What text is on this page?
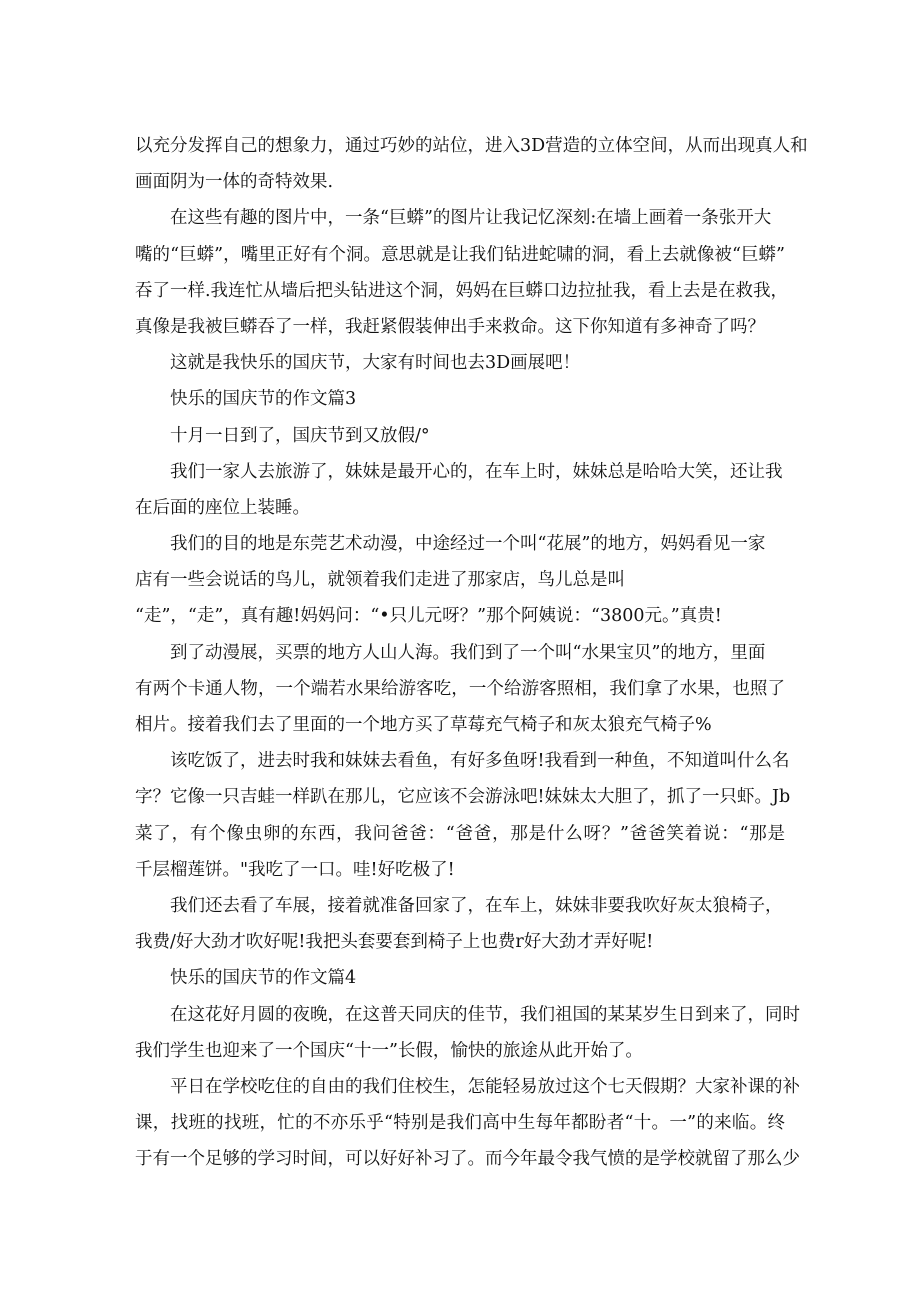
以充分发挥自己的想象力，通过巧妙的站位，进入3D营造的立体空间，从而出现真人和
画面阴为一体的奇特效果.
在这些有趣的图片中，一条“巨蟒”的图片让我记忆深刻:在墙上画着一条张开大
嘴的“巨蟒”，嘴里正好有个洞。意思就是让我们钻进蛇啸的洞，看上去就像被“巨蟒”
吞了一样.我连忙从墙后把头钻进这个洞，妈妈在巨蟒口边拉扯我，看上去是在救我，
真像是我被巨蟒吞了一样，我赶紧假装伸出手来救命。这下你知道有多神奇了吗？
这就是我快乐的国庆节，大家有时间也去3D画展吧！
快乐的国庆节的作文篇3
十月一日到了，国庆节到又放假/°
我们一家人去旅游了，妹妹是最开心的，在车上时，妹妹总是哈哈大笑，还让我
在后面的座位上装睡。
我们的目的地是东莞艺术动漫，中途经过一个叫“花展”的地方，妈妈看见一家
店有一些会说话的鸟儿，就领着我们走进了那家店，鸟儿总是叫
“走”，“走”，真有趣!妈妈问：“•只儿元呀？”那个阿姨说：“3800元。”真贵!
到了动漫展，买票的地方人山人海。我们到了一个叫“水果宝贝”的地方，里面
有两个卡通人物，一个端若水果给游客吃，一个给游客照相，我们拿了水果，也照了
相片。接着我们去了里面的一个地方买了草莓充气椅子和灰太狼充气椅子%
该吃饭了，进去时我和妹妹去看鱼，有好多鱼呀!我看到一种鱼，不知道叫什么名
字？它像一只吉蛙一样趴在那儿，它应该不会游泳吧!妹妹太大胆了，抓了一只虾。Jb
菜了，有个像虫卵的东西，我问爸爸：“爸爸，那是什么呀？”爸爸笑着说：“那是
千层榴莲饼。"我吃了一口。哇!好吃极了!
我们还去看了车展，接着就准备回家了，在车上，妹妹非要我吹好灰太狼椅子，
我费/好大劲才吹好呢!我把头套要套到椅子上也费r好大劲才弄好呢!
快乐的国庆节的作文篇4
在这花好月圆的夜晚，在这普天同庆的佳节，我们祖国的某某岁生日到来了，同时
我们学生也迎来了一个国庆“十一”长假，愉快的旅途从此开始了。
平日在学校吃住的自由的我们住校生，怎能轻易放过这个七天假期？大家补课的补
课，找班的找班，忙的不亦乐乎“特别是我们高中生每年都盼者“十。一”的来临。终
于有一个足够的学习时间，可以好好补习了。而今年最令我气愤的是学校就留了那么少
